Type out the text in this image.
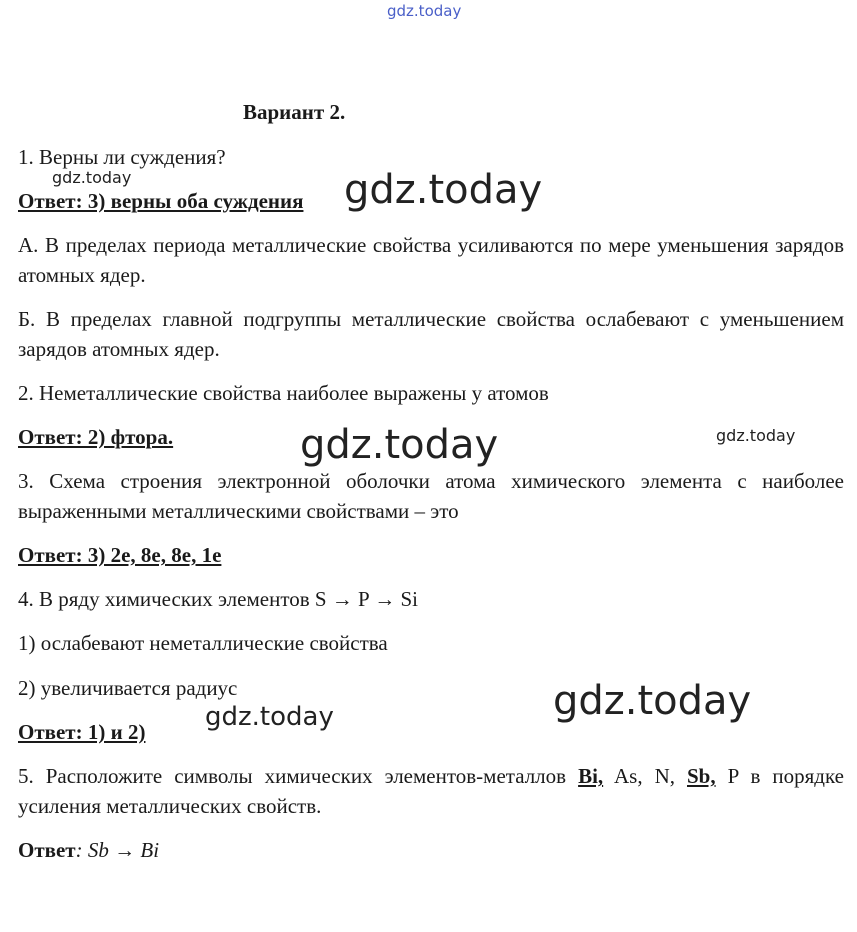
gdz.today
gdz.today	gdz.today
gdz.today	gdz.today
gdz.today	gdz.today
Вариант 2.
1. Верны ли суждения?
Ответ: 3) верны оба суждения
А. В пределах периода металлические свойства усиливаются по мере уменьшения зарядов атомных ядер.
Б. В пределах главной подгруппы металлические свойства ослабевают с уменьшением зарядов атомных ядер.
2. Неметаллические свойства наиболее выражены у атомов
Ответ: 2) фтора.
3. Схема строения электронной оболочки атома химического элемента с наиболее выраженными металлическими свойствами – это
Ответ: 3) 2e, 8e, 8e, 1e
4. В ряду химических элементов S → P → Si
1) ослабевают неметаллические свойства
2) увеличивается радиус
Ответ: 1) и 2)
5. Расположите символы химических элементов-металлов Bi, As, N, Sb, P в порядке усиления металлических свойств.
Ответ: Sb → Bi
